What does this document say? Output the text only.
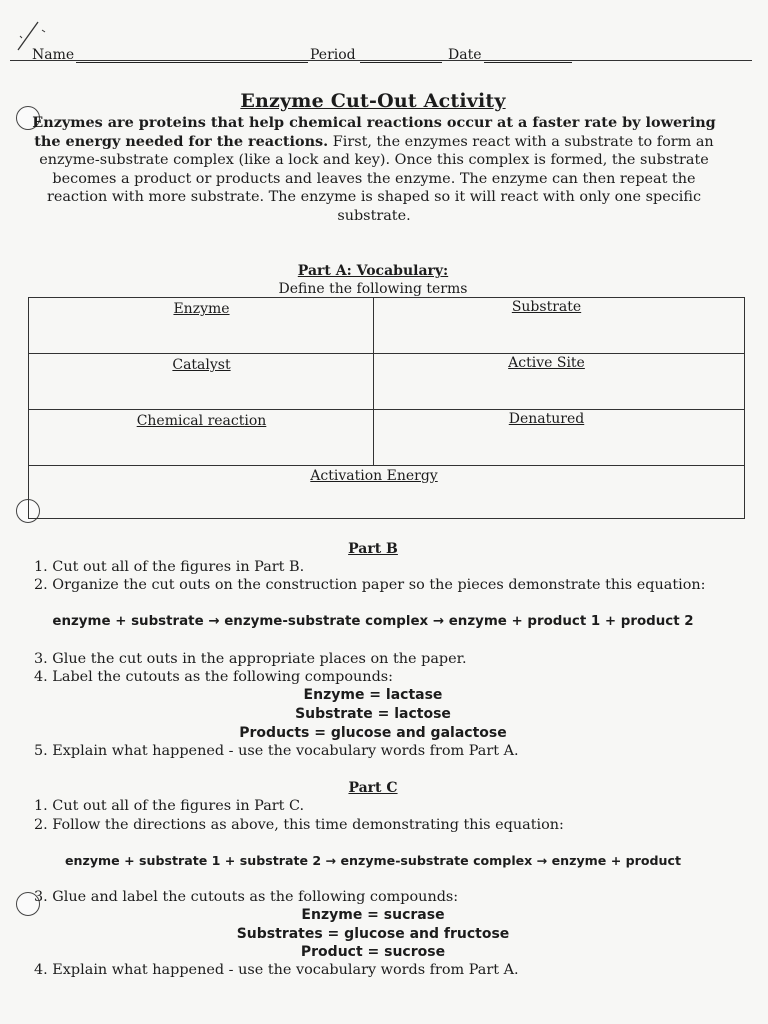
Name	Period	Date
Enzyme Cut-Out Activity
Enzymes are proteins that help chemical reactions occur at a faster rate by lowering the energy needed for the reactions. First, the enzymes react with a substrate to form an enzyme-substrate complex (like a lock and key). Once this complex is formed, the substrate becomes a product or products and leaves the enzyme. The enzyme can then repeat the reaction with more substrate. The enzyme is shaped so it will react with only one specific substrate.
Part A: Vocabulary:
Define the following terms
Enzyme	Substrate
Catalyst	Active Site
Chemical reaction	Denatured
Activation Energy
Part B
1. Cut out all of the figures in Part B.
2. Organize the cut outs on the construction paper so the pieces demonstrate this equation:
enzyme + substrate → enzyme-substrate complex → enzyme + product 1 + product 2
3. Glue the cut outs in the appropriate places on the paper.
4. Label the cutouts as the following compounds:
Enzyme = lactase
Substrate = lactose
Products = glucose and galactose
5. Explain what happened - use the vocabulary words from Part A.
Part C
1. Cut out all of the figures in Part C.
2. Follow the directions as above, this time demonstrating this equation:
enzyme + substrate 1 + substrate 2 → enzyme-substrate complex → enzyme + product
3. Glue and label the cutouts as the following compounds:
Enzyme = sucrase
Substrates = glucose and fructose
Product = sucrose
4. Explain what happened - use the vocabulary words from Part A.
